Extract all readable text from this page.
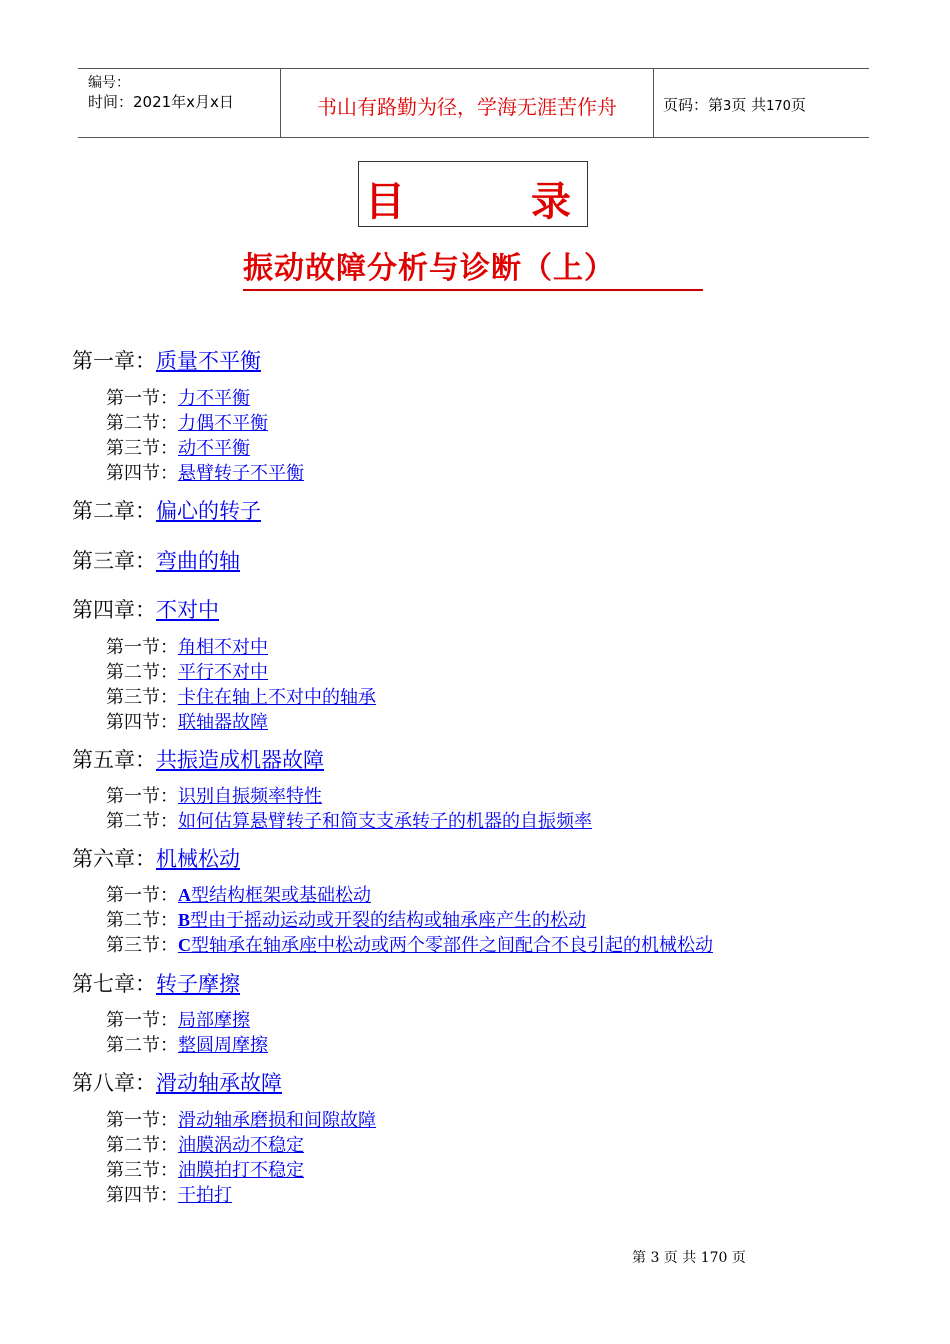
编号：
时间：2021年x月x日	书山有路勤为径，学海无涯苦作舟	页码：第3页 共170页
目	录
振动故障分析与诊断（上）
第一章：质量不平衡
第一节：力不平衡
第二节：力偶不平衡
第三节：动不平衡
第四节：悬臂转子不平衡
第二章：偏心的转子
第三章：弯曲的轴
第四章：不对中
第一节：角相不对中
第二节：平行不对中
第三节：卡住在轴上不对中的轴承
第四节：联轴器故障
第五章：共振造成机器故障
第一节：识别自振频率特性
第二节：如何估算悬臂转子和简支支承转子的机器的自振频率
第六章：机械松动
第一节：A型结构框架或基础松动
第二节：B型由于摇动运动或开裂的结构或轴承座产生的松动
第三节：C型轴承在轴承座中松动或两个零部件之间配合不良引起的机械松动
第七章：转子摩擦
第一节：局部摩擦
第二节：整圆周摩擦
第八章：滑动轴承故障
第一节：滑动轴承磨损和间隙故障
第二节：油膜涡动不稳定
第三节：油膜拍打不稳定
第四节：干拍打
第 3 页 共 170 页
